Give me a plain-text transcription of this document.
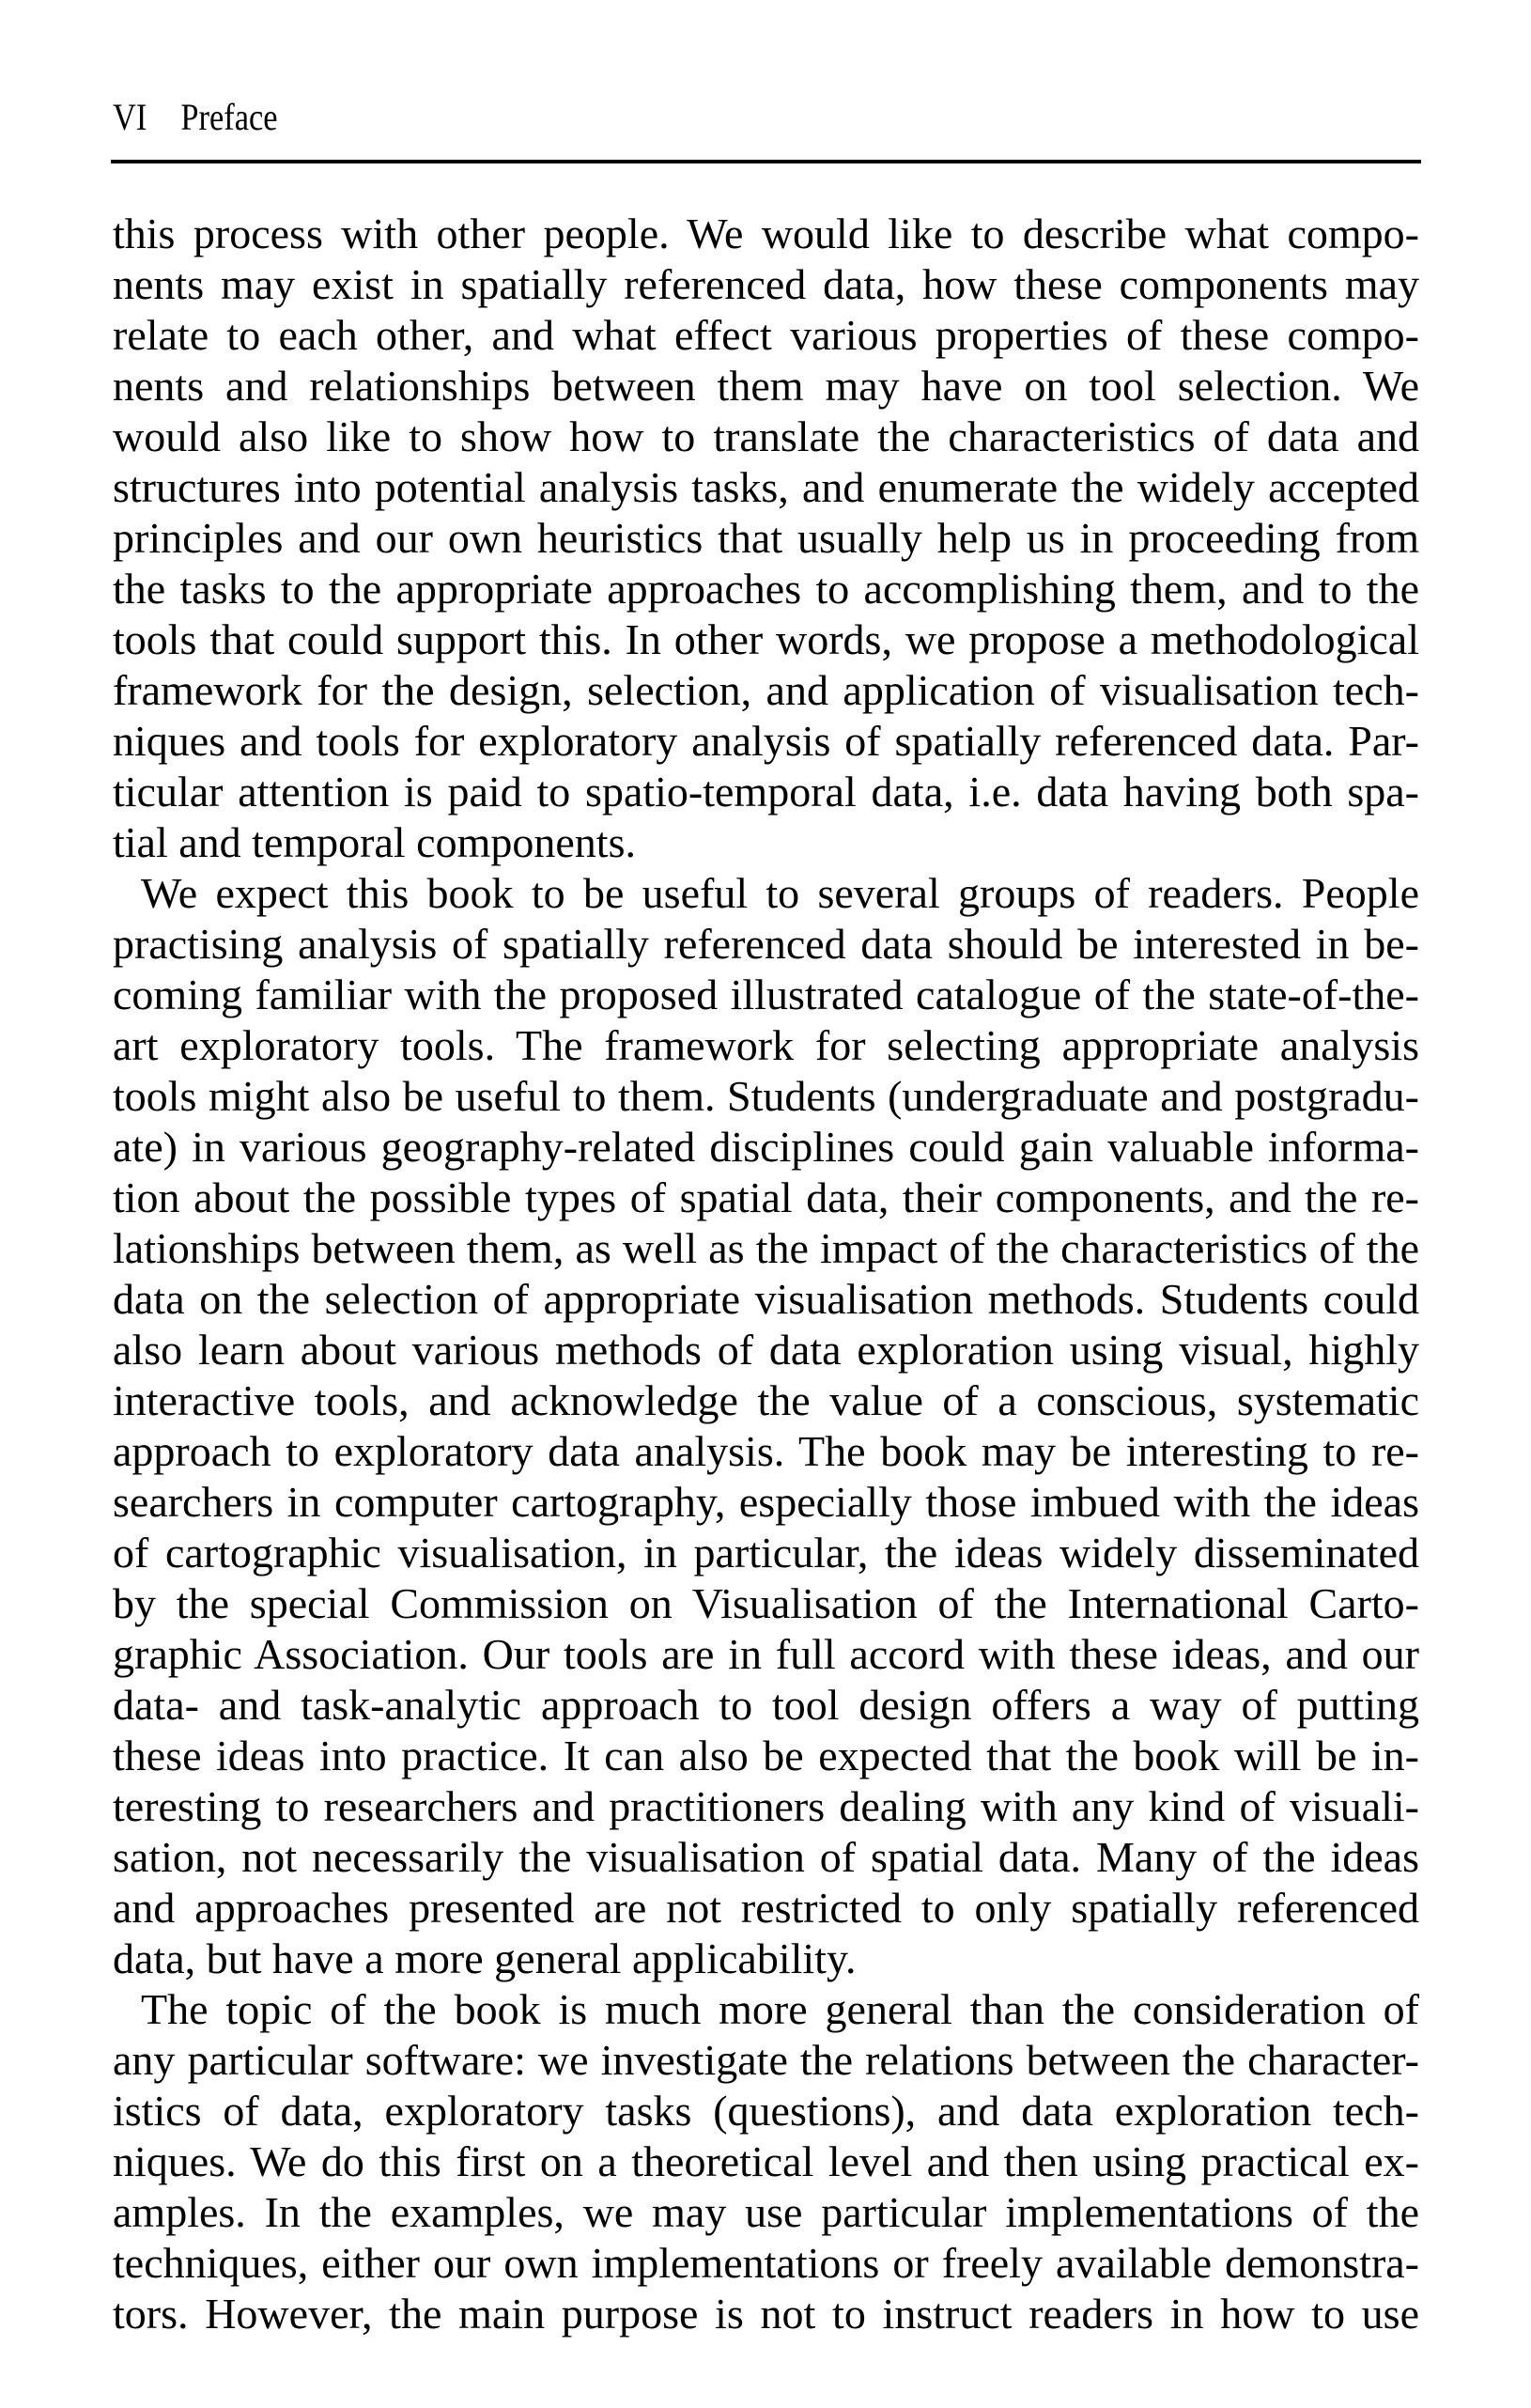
VI Preface
this process with other people. We would like to describe what compo-
nents may exist in spatially referenced data, how these components may
relate to each other, and what effect various properties of these compo-
nents and relationships between them may have on tool selection. We
would also like to show how to translate the characteristics of data and
structures into potential analysis tasks, and enumerate the widely accepted
principles and our own heuristics that usually help us in proceeding from
the tasks to the appropriate approaches to accomplishing them, and to the
tools that could support this. In other words, we propose a methodological
framework for the design, selection, and application of visualisation tech-
niques and tools for exploratory analysis of spatially referenced data. Par-
ticular attention is paid to spatio-temporal data, i.e. data having both spa-
tial and temporal components.
We expect this book to be useful to several groups of readers. People
practising analysis of spatially referenced data should be interested in be-
coming familiar with the proposed illustrated catalogue of the state-of-the-
art exploratory tools. The framework for selecting appropriate analysis
tools might also be useful to them. Students (undergraduate and postgradu-
ate) in various geography-related disciplines could gain valuable informa-
tion about the possible types of spatial data, their components, and the re-
lationships between them, as well as the impact of the characteristics of the
data on the selection of appropriate visualisation methods. Students could
also learn about various methods of data exploration using visual, highly
interactive tools, and acknowledge the value of a conscious, systematic
approach to exploratory data analysis. The book may be interesting to re-
searchers in computer cartography, especially those imbued with the ideas
of cartographic visualisation, in particular, the ideas widely disseminated
by the special Commission on Visualisation of the International Carto-
graphic Association. Our tools are in full accord with these ideas, and our
data- and task-analytic approach to tool design offers a way of putting
these ideas into practice. It can also be expected that the book will be in-
teresting to researchers and practitioners dealing with any kind of visuali-
sation, not necessarily the visualisation of spatial data. Many of the ideas
and approaches presented are not restricted to only spatially referenced
data, but have a more general applicability.
The topic of the book is much more general than the consideration of
any particular software: we investigate the relations between the character-
istics of data, exploratory tasks (questions), and data exploration tech-
niques. We do this first on a theoretical level and then using practical ex-
amples. In the examples, we may use particular implementations of the
techniques, either our own implementations or freely available demonstra-
tors. However, the main purpose is not to instruct readers in how to use
